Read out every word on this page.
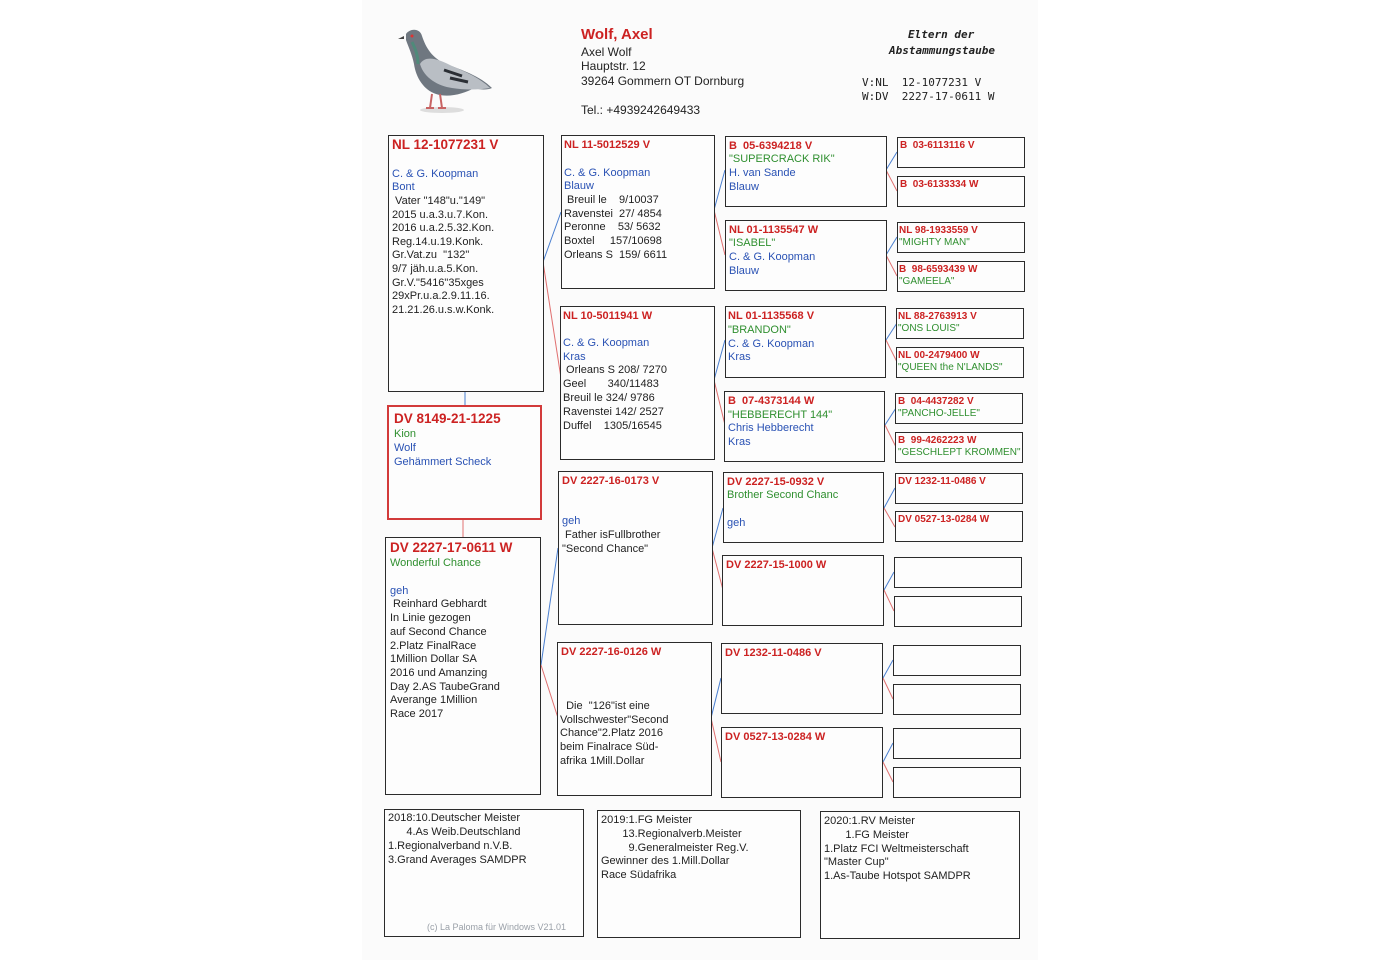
Wolf, Axel
Axel Wolf
Hauptstr. 12
39264 Gommern OT Dornburg
Tel.: +4939242649433
Eltern der
Abstammungstaube
V:NL  12-1077231 V
W:DV  2227-17-0611 W
NL 12-1077231 V
C. & G. Koopman
Bont
Vater "148"u."149"
2015 u.a.3.u.7.Kon.
2016 u.a.2.5.32.Kon.
Reg.14.u.19.Konk.
Gr.Vat.zu  "132"
9/7 jäh.u.a.5.Kon.
Gr.V."5416"35xges
29xPr.u.a.2.9.11.16.
21.21.26.u.s.w.Konk.
DV 8149-21-1225
Kion
Wolf
Gehämmert Scheck
DV 2227-17-0611 W
Wonderful Chance
geh
Reinhard Gebhardt
In Linie gezogen
auf Second Chance
2.Platz FinalRace
1Million Dollar SA
2016 und Amanzing
Day 2.AS TaubeGrand
Averange 1Million
Race 2017
NL 11-5012529 V
C. & G. Koopman
Blauw
Breuil le    9/10037
Ravenstei  27/ 4854
Peronne    53/ 5632
Boxtel     157/10698
Orleans S  159/ 6611
NL 10-5011941 W
C. & G. Koopman
Kras
Orleans S 208/ 7270
Geel       340/11483
Breuil le 324/ 9786
Ravenstei 142/ 2527
Duffel    1305/16545
DV 2227-16-0173 V
geh
Father isFullbrother
"Second Chance"
DV 2227-16-0126 W
Die  "126"ist eine
Vollschwester"Second
Chance"2.Platz 2016
beim Finalrace Süd-
afrika 1Mill.Dollar
B  05-6394218 V
"SUPERCRACK RIK"
H. van Sande
Blauw
NL 01-1135547 W
"ISABEL"
C. & G. Koopman
Blauw
NL 01-1135568 V
"BRANDON"
C. & G. Koopman
Kras
B  07-4373144 W
"HEBBERECHT 144"
Chris Hebberecht
Kras
DV 2227-15-0932 V
Brother Second Chanc
geh
DV 2227-15-1000 W
DV 1232-11-0486 V
DV 0527-13-0284 W
B  03-6113116 V
B  03-6133334 W
NL 98-1933559 V
"MIGHTY MAN"
B  98-6593439 W
"GAMEELA"
NL 88-2763913 V
"ONS LOUIS"
NL 00-2479400 W
"QUEEN the N'LANDS"
B  04-4437282 V
"PANCHO-JELLE"
B  99-4262223 W
"GESCHLEPT KROMMEN"
DV 1232-11-0486 V
DV 0527-13-0284 W
2018:10.Deutscher Meister
4.As Weib.Deutschland
1.Regionalverband n.V.B.
3.Grand Averages SAMDPR
(c) La Paloma für Windows V21.01
2019:1.FG Meister
13.Regionalverb.Meister
9.Generalmeister Reg.V.
Gewinner des 1.Mill.Dollar
Race Südafrika
2020:1.RV Meister
1.FG Meister
1.Platz FCI Weltmeisterschaft
"Master Cup"
1.As-Taube Hotspot SAMDPR
